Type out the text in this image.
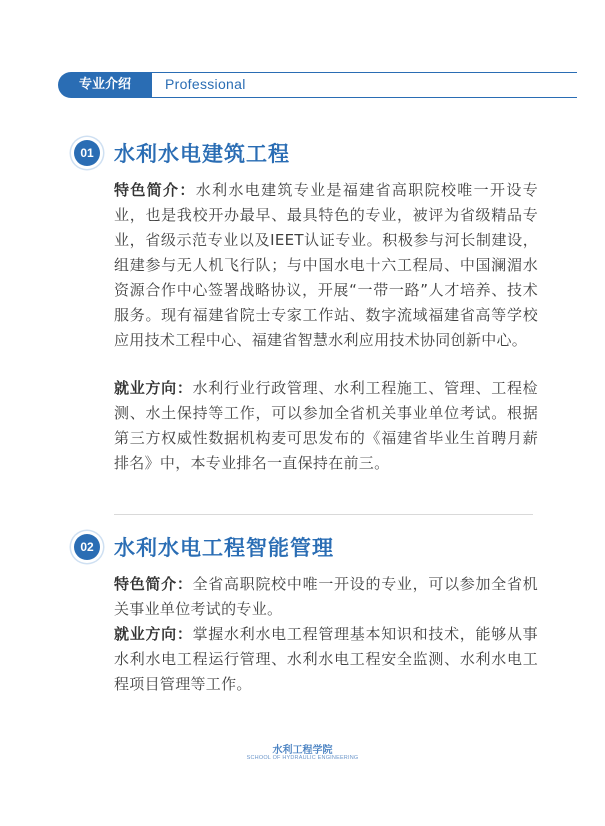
专业介绍	Professional
01 水利水电建筑工程
特色简介：水利水电建筑专业是福建省高职院校唯一开设专业，也是我校开办最早、最具特色的专业，被评为省级精品专业，省级示范专业以及IEET认证专业。积极参与河长制建设，组建参与无人机飞行队；与中国水电十六工程局、中国澜湄水资源合作中心签署战略协议，开展“一带一路”人才培养、技术服务。现有福建省院士专家工作站、数字流域福建省高等学校应用技术工程中心、福建省智慧水利应用技术协同创新中心。
就业方向：水利行业行政管理、水利工程施工、管理、工程检测、水土保持等工作，可以参加全省机关事业单位考试。根据第三方权威性数据机构麦可思发布的《福建省毕业生首聘月薪排名》中，本专业排名一直保持在前三。
02 水利水电工程智能管理
特色简介：全省高职院校中唯一开设的专业，可以参加全省机关事业单位考试的专业。
就业方向：掌握水利水电工程管理基本知识和技术，能够从事水利水电工程运行管理、水利水电工程安全监测、水利水电工程项目管理等工作。
水利工程学院
SCHOOL OF HYDRAULIC ENGINEERING
